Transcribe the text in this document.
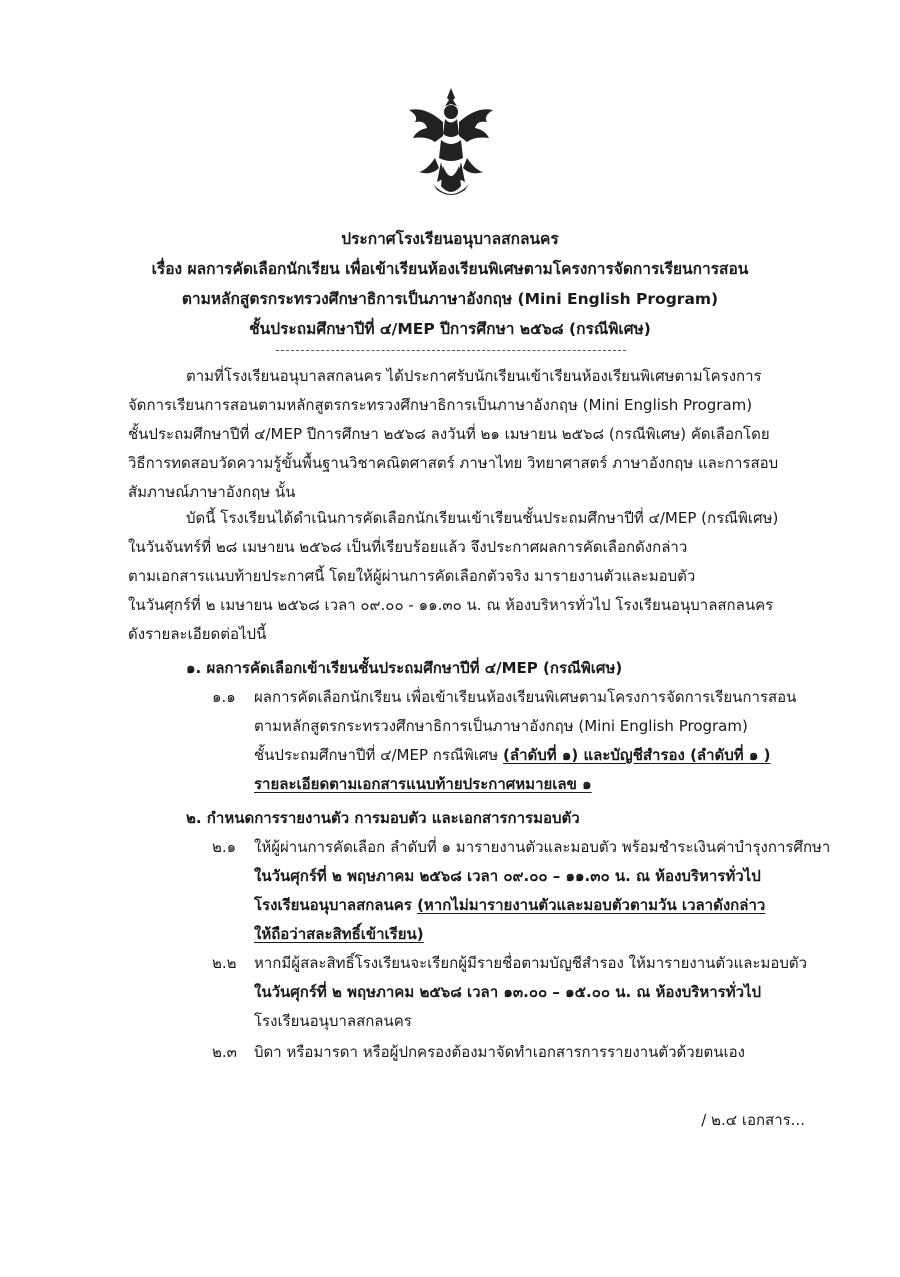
ประกาศโรงเรียนอนุบาลสกลนคร
เรื่อง ผลการคัดเลือกนักเรียน เพื่อเข้าเรียนห้องเรียนพิเศษตามโครงการจัดการเรียนการสอน
ตามหลักสูตรกระทรวงศึกษาธิการเป็นภาษาอังกฤษ (Mini English Program)
ชั้นประถมศึกษาปีที่ ๔/MEP ปีการศึกษา ๒๕๖๘ (กรณีพิเศษ)
ตามที่โรงเรียนอนุบาลสกลนคร ได้ประกาศรับนักเรียนเข้าเรียนห้องเรียนพิเศษตามโครงการ
จัดการเรียนการสอนตามหลักสูตรกระทรวงศึกษาธิการเป็นภาษาอังกฤษ (Mini English Program)
ชั้นประถมศึกษาปีที่ ๔/MEP ปีการศึกษา ๒๕๖๘ ลงวันที่ ๒๑ เมษายน ๒๕๖๘ (กรณีพิเศษ) คัดเลือกโดย
วิธีการทดสอบวัดความรู้ขั้นพื้นฐานวิชาคณิตศาสตร์ ภาษาไทย วิทยาศาสตร์ ภาษาอังกฤษ และการสอบ
สัมภาษณ์ภาษาอังกฤษ นั้น
บัดนี้ โรงเรียนได้ดำเนินการคัดเลือกนักเรียนเข้าเรียนชั้นประถมศึกษาปีที่ ๔/MEP (กรณีพิเศษ)
ในวันจันทร์ที่ ๒๘ เมษายน ๒๕๖๘ เป็นที่เรียบร้อยแล้ว จึงประกาศผลการคัดเลือกดังกล่าว
ตามเอกสารแนบท้ายประกาศนี้ โดยให้ผู้ผ่านการคัดเลือกตัวจริง มารายงานตัวและมอบตัว
ในวันศุกร์ที่ ๒ เมษายน ๒๕๖๘ เวลา ๐๙.๐๐ - ๑๑.๓๐ น. ณ ห้องบริหารทั่วไป โรงเรียนอนุบาลสกลนคร
ดังรายละเอียดต่อไปนี้
๑. ผลการคัดเลือกเข้าเรียนชั้นประถมศึกษาปีที่ ๔/MEP (กรณีพิเศษ)
๑.๑ ผลการคัดเลือกนักเรียน เพื่อเข้าเรียนห้องเรียนพิเศษตามโครงการจัดการเรียนการสอน
ตามหลักสูตรกระทรวงศึกษาธิการเป็นภาษาอังกฤษ (Mini English Program)
ชั้นประถมศึกษาปีที่ ๔/MEP กรณีพิเศษ (ลำดับที่ ๑) และบัญชีสำรอง (ลำดับที่ ๑ )
รายละเอียดตามเอกสารแนบท้ายประกาศหมายเลข ๑
๒. กำหนดการรายงานตัว การมอบตัว และเอกสารการมอบตัว
๒.๑ ให้ผู้ผ่านการคัดเลือก ลำดับที่ ๑ มารายงานตัวและมอบตัว พร้อมชำระเงินค่าบำรุงการศึกษา
ในวันศุกร์ที่ ๒ พฤษภาคม ๒๕๖๘ เวลา ๐๙.๐๐ – ๑๑.๓๐ น. ณ ห้องบริหารทั่วไป
โรงเรียนอนุบาลสกลนคร (หากไม่มารายงานตัวและมอบตัวตามวัน เวลาดังกล่าว
ให้ถือว่าสละสิทธิ์เข้าเรียน)
๒.๒ หากมีผู้สละสิทธิ์โรงเรียนจะเรียกผู้มีรายชื่อตามบัญชีสำรอง ให้มารายงานตัวและมอบตัว
ในวันศุกร์ที่ ๒ พฤษภาคม ๒๕๖๘ เวลา ๑๓.๐๐ – ๑๕.๐๐ น. ณ ห้องบริหารทั่วไป
โรงเรียนอนุบาลสกลนคร
๒.๓ บิดา หรือมารดา หรือผู้ปกครองต้องมาจัดทำเอกสารการรายงานตัวด้วยตนเอง
/ ๒.๔ เอกสาร...
